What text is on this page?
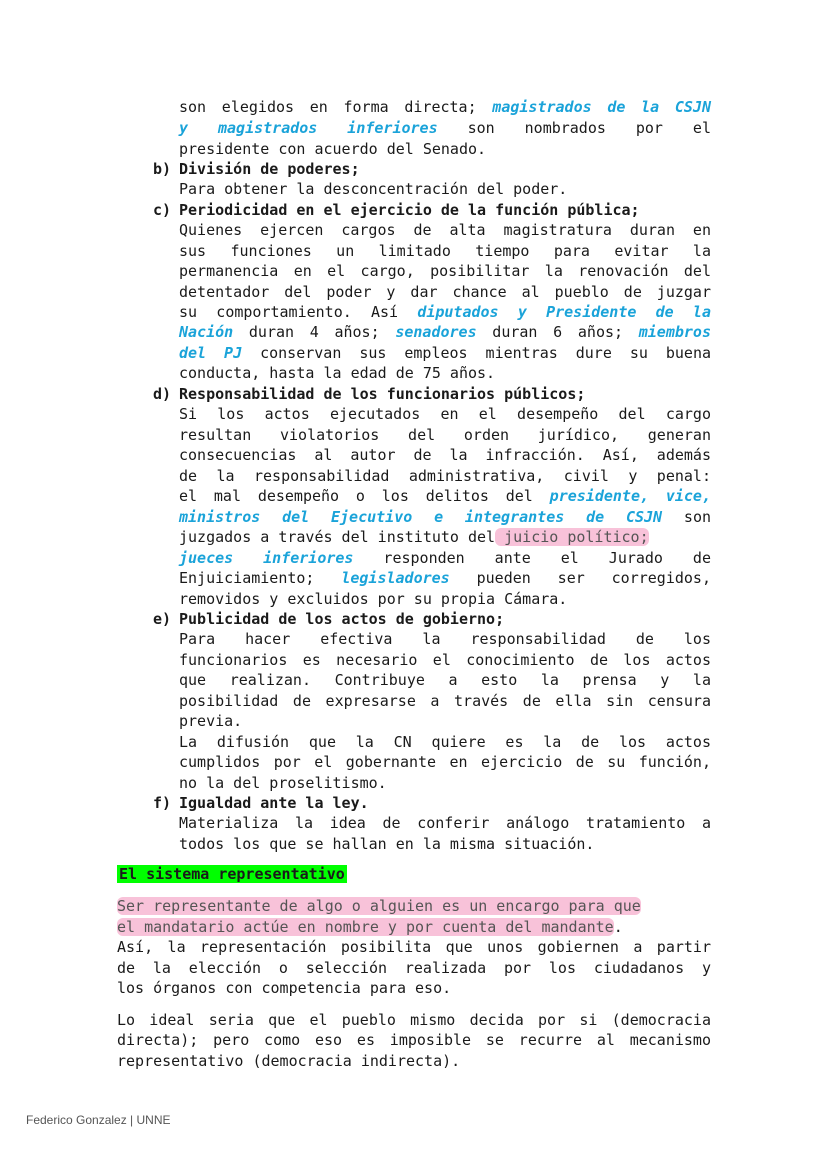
son elegidos en forma directa; magistrados de la CSJN
y magistrados inferiores son nombrados por el
presidente con acuerdo del Senado.
b) División de poderes;
Para obtener la desconcentración del poder.
c) Periodicidad en el ejercicio de la función pública;
Quienes ejercen cargos de alta magistratura duran en
sus funciones un limitado tiempo para evitar la
permanencia en el cargo, posibilitar la renovación del
detentador del poder y dar chance al pueblo de juzgar
su comportamiento. Así diputados y Presidente de la
Nación duran 4 años; senadores duran 6 años; miembros
del PJ conservan sus empleos mientras dure su buena
conducta, hasta la edad de 75 años.
d) Responsabilidad de los funcionarios públicos;
Si los actos ejecutados en el desempeño del cargo
resultan violatorios del orden jurídico, generan
consecuencias al autor de la infracción. Así, además
de la responsabilidad administrativa, civil y penal:
el mal desempeño o los delitos del presidente, vice,
ministros del Ejecutivo e integrantes de CSJN son
juzgados a través del instituto del juicio político;
jueces inferiores responden ante el Jurado de
Enjuiciamiento; legisladores pueden ser corregidos,
removidos y excluidos por su propia Cámara.
e) Publicidad de los actos de gobierno;
Para hacer efectiva la responsabilidad de los
funcionarios es necesario el conocimiento de los actos
que realizan. Contribuye a esto la prensa y la
posibilidad de expresarse a través de ella sin censura
previa.
La difusión que la CN quiere es la de los actos
cumplidos por el gobernante en ejercicio de su función,
no la del proselitismo.
f) Igualdad ante la ley.
Materializa la idea de conferir análogo tratamiento a
todos los que se hallan en la misma situación.
El sistema representativo
Ser representante de algo o alguien es un encargo para que
el mandatario actúe en nombre y por cuenta del mandante.
Así, la representación posibilita que unos gobiernen a partir
de la elección o selección realizada por los ciudadanos y
los órganos con competencia para eso.
Lo ideal seria que el pueblo mismo decida por si (democracia
directa); pero como eso es imposible se recurre al mecanismo
representativo (democracia indirecta).
Federico Gonzalez | UNNE
